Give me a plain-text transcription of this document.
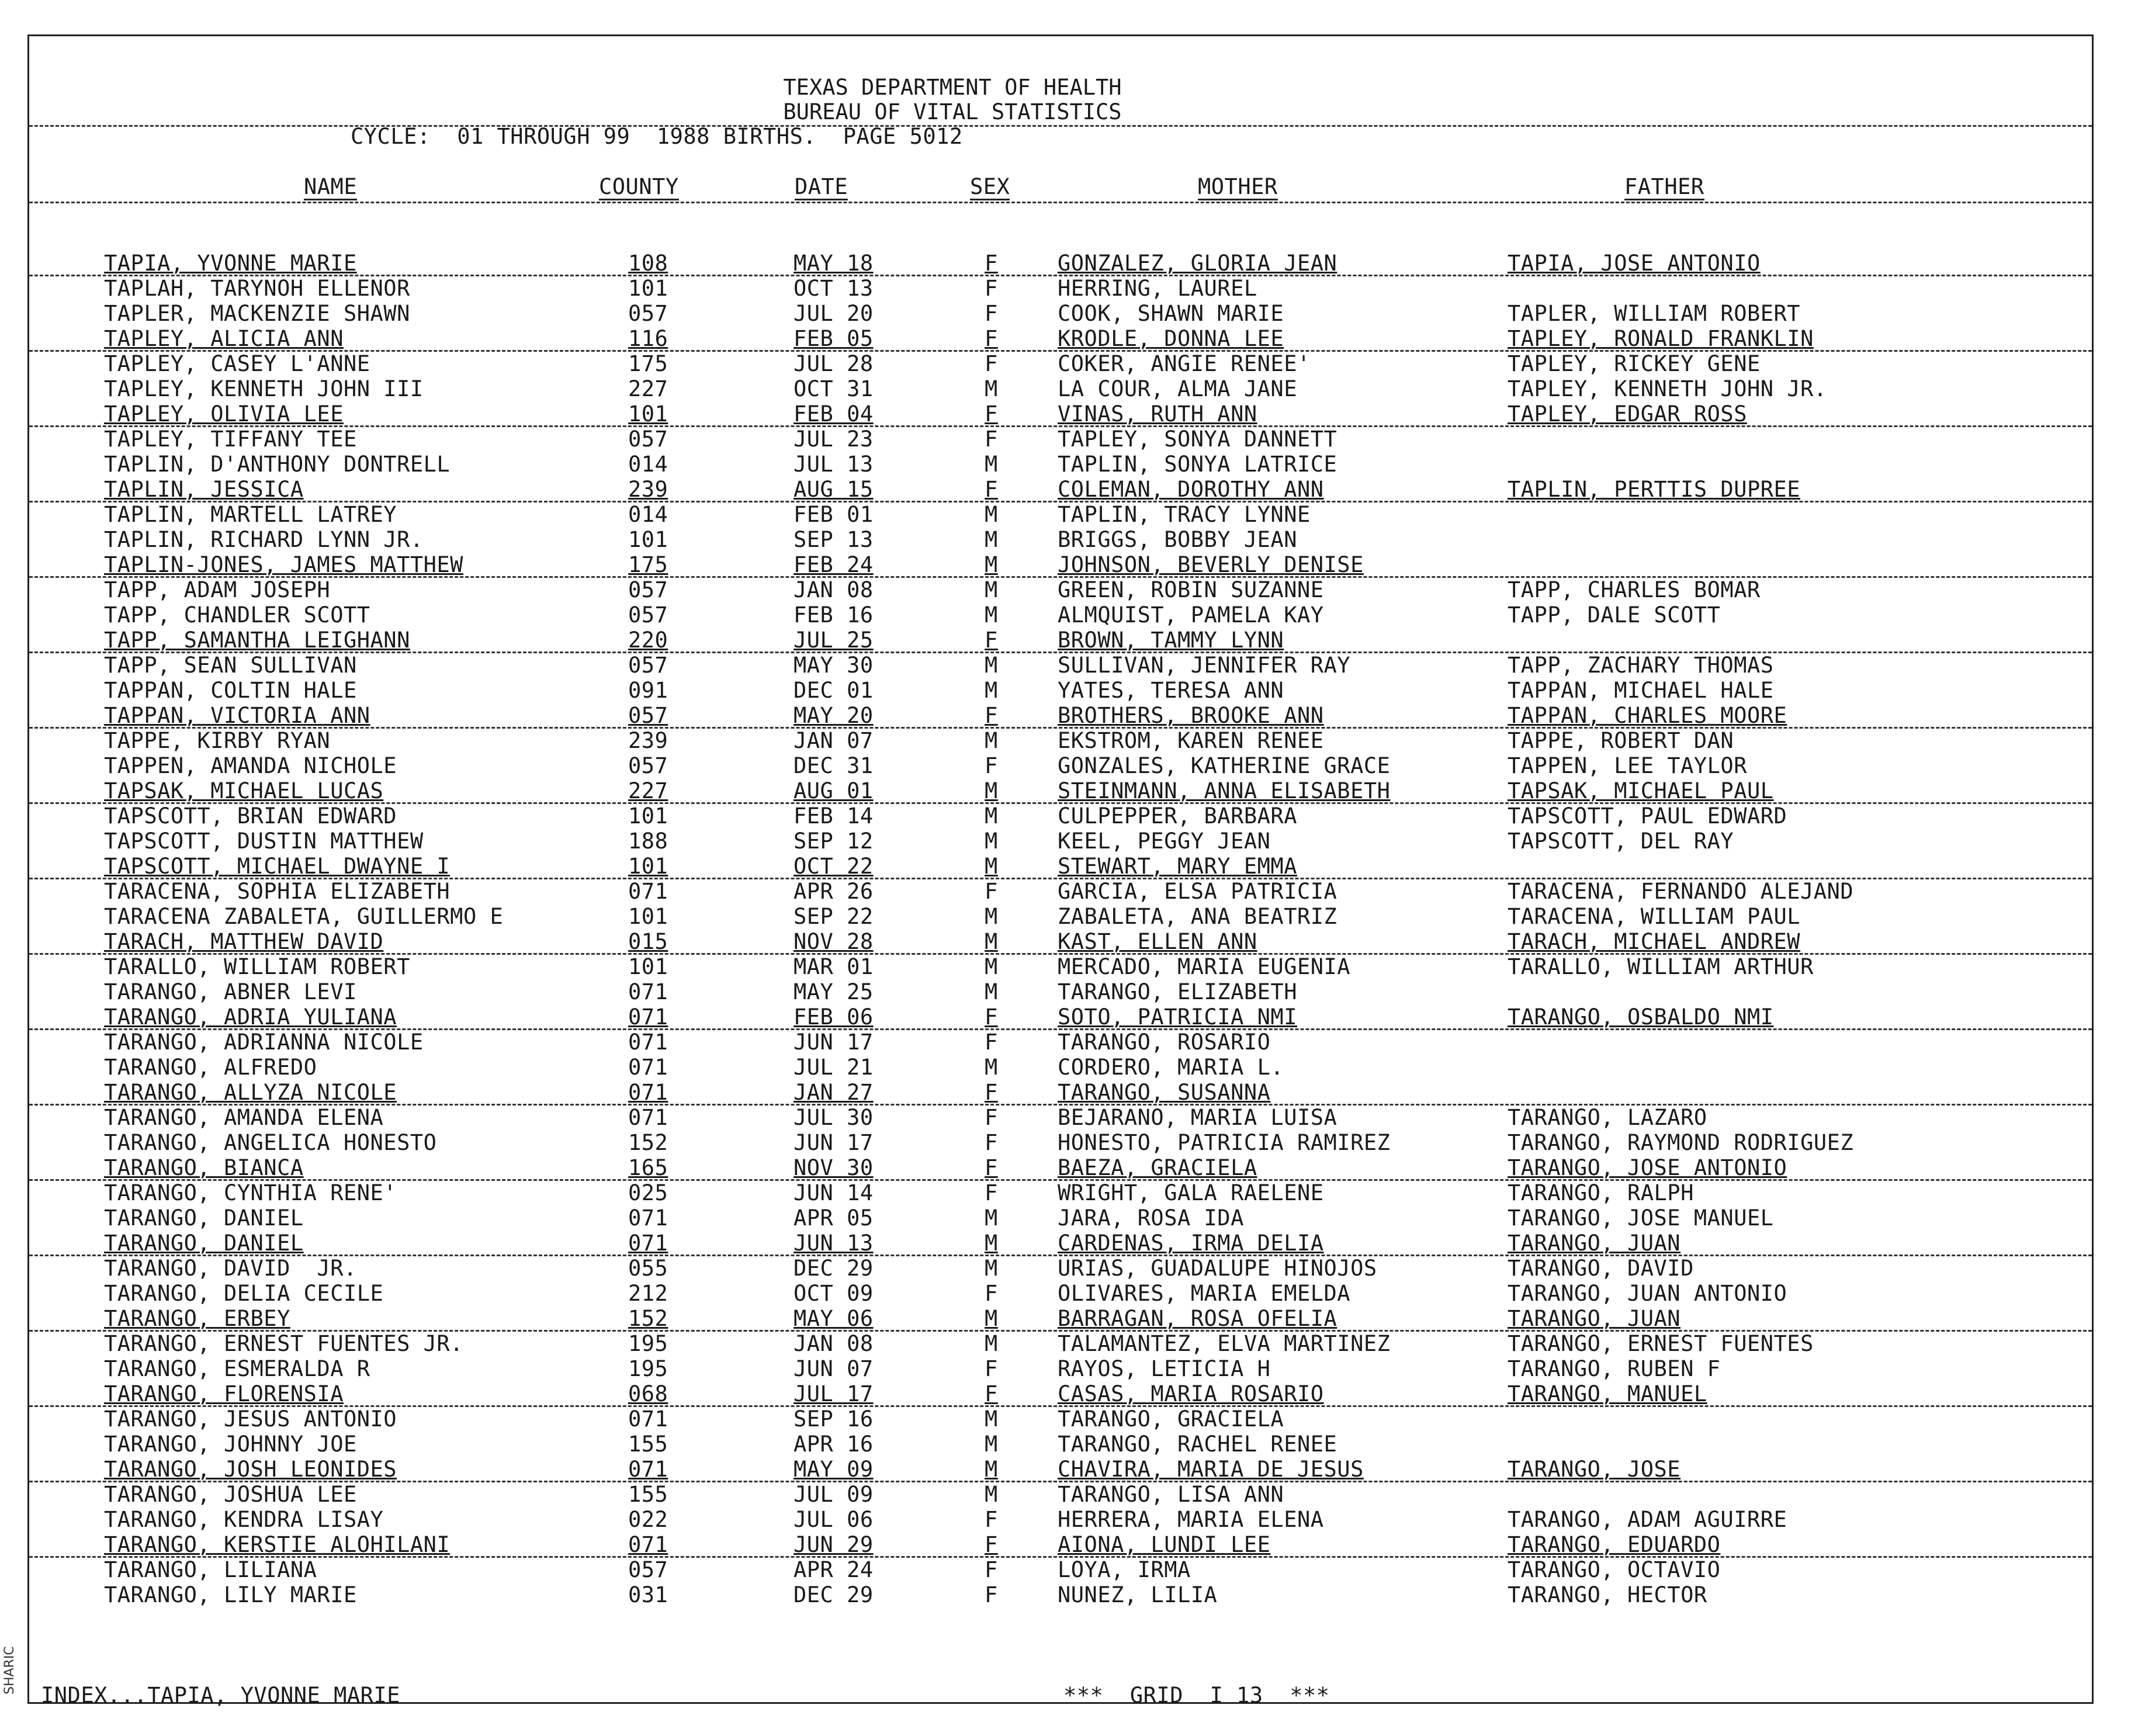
TEXAS DEPARTMENT OF HEALTH
BUREAU OF VITAL STATISTICS
CYCLE:  01 THROUGH 99  1988 BIRTHS.  PAGE 5012
NAME	COUNTY	DATE	SEX	MOTHER	FATHER
TAPIA, YVONNE MARIE	108	MAY 18	F	GONZALEZ, GLORIA JEAN	TAPIA, JOSE ANTONIO
TAPLAH, TARYNOH ELLENOR	101	OCT 13	F	HERRING, LAUREL
TAPLER, MACKENZIE SHAWN	057	JUL 20	F	COOK, SHAWN MARIE	TAPLER, WILLIAM ROBERT
TAPLEY, ALICIA ANN	116	FEB 05	F	KRODLE, DONNA LEE	TAPLEY, RONALD FRANKLIN
TAPLEY, CASEY L'ANNE	175	JUL 28	F	COKER, ANGIE RENEE'	TAPLEY, RICKEY GENE
TAPLEY, KENNETH JOHN III	227	OCT 31	M	LA COUR, ALMA JANE	TAPLEY, KENNETH JOHN JR.
TAPLEY, OLIVIA LEE	101	FEB 04	F	VINAS, RUTH ANN	TAPLEY, EDGAR ROSS
TAPLEY, TIFFANY TEE	057	JUL 23	F	TAPLEY, SONYA DANNETT
TAPLIN, D'ANTHONY DONTRELL	014	JUL 13	M	TAPLIN, SONYA LATRICE
TAPLIN, JESSICA	239	AUG 15	F	COLEMAN, DOROTHY ANN	TAPLIN, PERTTIS DUPREE
TAPLIN, MARTELL LATREY	014	FEB 01	M	TAPLIN, TRACY LYNNE
TAPLIN, RICHARD LYNN JR.	101	SEP 13	M	BRIGGS, BOBBY JEAN
TAPLIN-JONES, JAMES MATTHEW	175	FEB 24	M	JOHNSON, BEVERLY DENISE
TAPP, ADAM JOSEPH	057	JAN 08	M	GREEN, ROBIN SUZANNE	TAPP, CHARLES BOMAR
TAPP, CHANDLER SCOTT	057	FEB 16	M	ALMQUIST, PAMELA KAY	TAPP, DALE SCOTT
TAPP, SAMANTHA LEIGHANN	220	JUL 25	F	BROWN, TAMMY LYNN
TAPP, SEAN SULLIVAN	057	MAY 30	M	SULLIVAN, JENNIFER RAY	TAPP, ZACHARY THOMAS
TAPPAN, COLTIN HALE	091	DEC 01	M	YATES, TERESA ANN	TAPPAN, MICHAEL HALE
TAPPAN, VICTORIA ANN	057	MAY 20	F	BROTHERS, BROOKE ANN	TAPPAN, CHARLES MOORE
TAPPE, KIRBY RYAN	239	JAN 07	M	EKSTROM, KAREN RENEE	TAPPE, ROBERT DAN
TAPPEN, AMANDA NICHOLE	057	DEC 31	F	GONZALES, KATHERINE GRACE	TAPPEN, LEE TAYLOR
TAPSAK, MICHAEL LUCAS	227	AUG 01	M	STEINMANN, ANNA ELISABETH	TAPSAK, MICHAEL PAUL
TAPSCOTT, BRIAN EDWARD	101	FEB 14	M	CULPEPPER, BARBARA	TAPSCOTT, PAUL EDWARD
TAPSCOTT, DUSTIN MATTHEW	188	SEP 12	M	KEEL, PEGGY JEAN	TAPSCOTT, DEL RAY
TAPSCOTT, MICHAEL DWAYNE I	101	OCT 22	M	STEWART, MARY EMMA
TARACENA, SOPHIA ELIZABETH	071	APR 26	F	GARCIA, ELSA PATRICIA	TARACENA, FERNANDO ALEJAND
TARACENA ZABALETA, GUILLERMO E	101	SEP 22	M	ZABALETA, ANA BEATRIZ	TARACENA, WILLIAM PAUL
TARACH, MATTHEW DAVID	015	NOV 28	M	KAST, ELLEN ANN	TARACH, MICHAEL ANDREW
TARALLO, WILLIAM ROBERT	101	MAR 01	M	MERCADO, MARIA EUGENIA	TARALLO, WILLIAM ARTHUR
TARANGO, ABNER LEVI	071	MAY 25	M	TARANGO, ELIZABETH
TARANGO, ADRIA YULIANA	071	FEB 06	F	SOTO, PATRICIA NMI	TARANGO, OSBALDO NMI
TARANGO, ADRIANNA NICOLE	071	JUN 17	F	TARANGO, ROSARIO
TARANGO, ALFREDO	071	JUL 21	M	CORDERO, MARIA L.
TARANGO, ALLYZA NICOLE	071	JAN 27	F	TARANGO, SUSANNA
TARANGO, AMANDA ELENA	071	JUL 30	F	BEJARANO, MARIA LUISA	TARANGO, LAZARO
TARANGO, ANGELICA HONESTO	152	JUN 17	F	HONESTO, PATRICIA RAMIREZ	TARANGO, RAYMOND RODRIGUEZ
TARANGO, BIANCA	165	NOV 30	F	BAEZA, GRACIELA	TARANGO, JOSE ANTONIO
TARANGO, CYNTHIA RENE'	025	JUN 14	F	WRIGHT, GALA RAELENE	TARANGO, RALPH
TARANGO, DANIEL	071	APR 05	M	JARA, ROSA IDA	TARANGO, JOSE MANUEL
TARANGO, DANIEL	071	JUN 13	M	CARDENAS, IRMA DELIA	TARANGO, JUAN
TARANGO, DAVID  JR.	055	DEC 29	M	URIAS, GUADALUPE HINOJOS	TARANGO, DAVID
TARANGO, DELIA CECILE	212	OCT 09	F	OLIVARES, MARIA EMELDA	TARANGO, JUAN ANTONIO
TARANGO, ERBEY	152	MAY 06	M	BARRAGAN, ROSA OFELIA	TARANGO, JUAN
TARANGO, ERNEST FUENTES JR.	195	JAN 08	M	TALAMANTEZ, ELVA MARTINEZ	TARANGO, ERNEST FUENTES
TARANGO, ESMERALDA R	195	JUN 07	F	RAYOS, LETICIA H	TARANGO, RUBEN F
TARANGO, FLORENSIA	068	JUL 17	F	CASAS, MARIA ROSARIO	TARANGO, MANUEL
TARANGO, JESUS ANTONIO	071	SEP 16	M	TARANGO, GRACIELA
TARANGO, JOHNNY JOE	155	APR 16	M	TARANGO, RACHEL RENEE
TARANGO, JOSH LEONIDES	071	MAY 09	M	CHAVIRA, MARIA DE JESUS	TARANGO, JOSE
TARANGO, JOSHUA LEE	155	JUL 09	M	TARANGO, LISA ANN
TARANGO, KENDRA LISAY	022	JUL 06	F	HERRERA, MARIA ELENA	TARANGO, ADAM AGUIRRE
TARANGO, KERSTIE ALOHILANI	071	JUN 29	F	AIONA, LUNDI LEE	TARANGO, EDUARDO
TARANGO, LILIANA	057	APR 24	F	LOYA, IRMA	TARANGO, OCTAVIO
TARANGO, LILY MARIE	031	DEC 29	F	NUNEZ, LILIA	TARANGO, HECTOR
INDEX...TAPIA, YVONNE MARIE	***  GRID  I 13  ***
SHARIC
